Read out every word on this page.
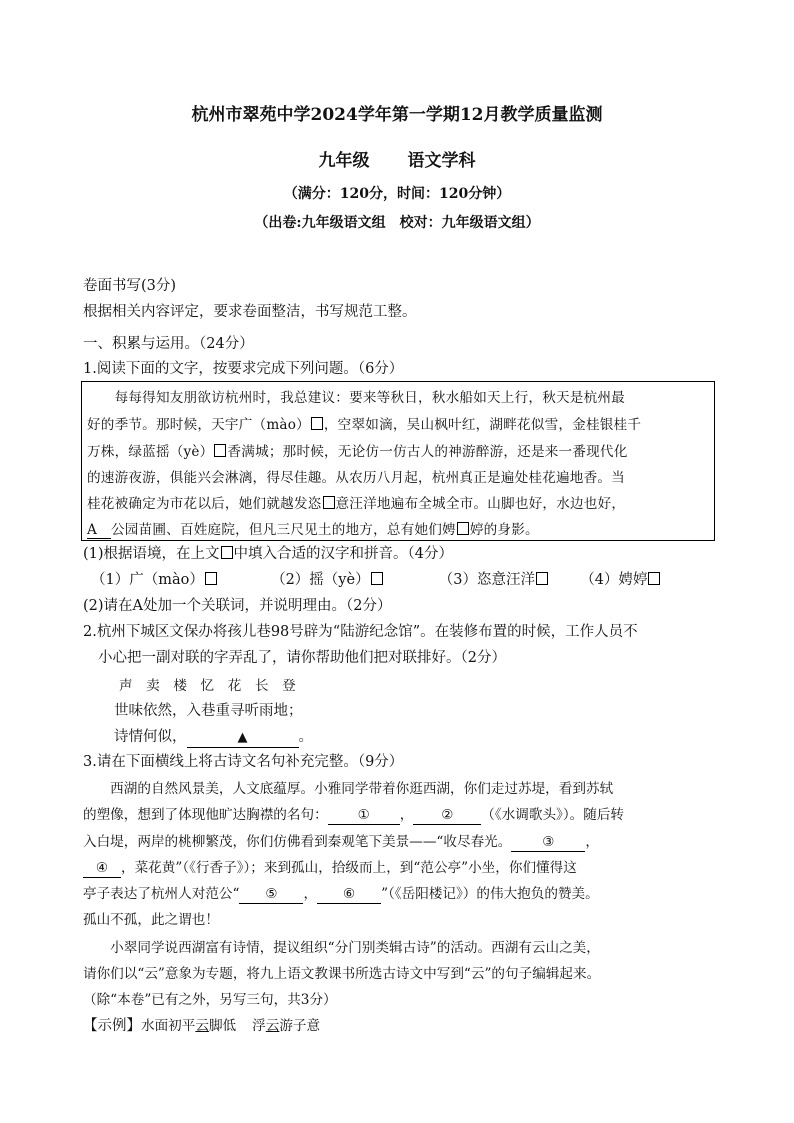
杭州市翠苑中学2024学年第一学期12月教学质量监测
九年级 语文学科
（满分：120分，时间：120分钟）
（出卷:九年级语文组　校对：九年级语文组）
卷面书写(3分)
根据相关内容评定，要求卷面整洁，书写规范工整。
一、积累与运用。（24分）
1.阅读下面的文字，按要求完成下列问题。（6分）
　　每每得知友朋欲访杭州时，我总建议：要来等秋日，秋水船如天上行，秋天是杭州最
好的季节。那时候，天宇广（mào） ，空翠如滴，吴山枫叶红，湖畔花似雪，金桂银桂千
万株，绿蓝摇（yè） 香满城；那时候，无论仿一仿古人的神游醉游，还是来一番现代化
的速游夜游，俱能兴会淋漓，得尽佳趣。从农历八月起，杭州真正是遍处桂花遍地香。当
桂花被确定为市花以后，她们就越发恣 意汪洋地遍布全城全市。山脚也好，水边也好，
A 公园苗圃、百姓庭院，但凡三尺见土的地方，总有她们娉 婷的身影。
(1)根据语境，在上文 中填入合适的汉字和拼音。（4分）
（1）广（mào）	（2）摇（yè）	（3）恣意汪洋	（4）娉婷
(2)请在A处加一个关联词，并说明理由。（2分）
2.杭州下城区文保办将孩儿巷98号辟为“陆游纪念馆”。在装修布置的时候，工作人员不
小心把一副对联的字弄乱了，请你帮助他们把对联排好。（2分）
声　卖　楼　忆　花　长　登
世味依然，入巷重寻听雨地；
诗情何似，	▲	。
3.请在下面横线上将古诗文名句补充完整。（9分）
　　西湖的自然风景美，人文底蕴厚。小雅同学带着你逛西湖，你们走过苏堤，看到苏轼
的塑像，想到了体现他旷达胸襟的名句： ① ， ② （《水调歌头》）。随后转
入白堤，两岸的桃柳繁茂，你们仿佛看到秦观笔下美景——“收尽春光。 ③ ，
④ ，菜花黄”（《行香子》）；来到孤山，拾级而上，到“范公亭”小坐，你们懂得这
亭子表达了杭州人对范公“ ⑤ ， ⑥ ”（《岳阳楼记》）的伟大抱负的赞美。
孤山不孤，此之谓也！
　　小翠同学说西湖富有诗情，提议组织“分门别类辑古诗”的活动。西湖有云山之美，
请你们以“云”意象为专题，将九上语文教课书所选古诗文中写到“云”的句子编辑起来。
（除“本卷”已有之外，另写三句，共3分）
【示例】水面初平云脚低 浮云游子意
